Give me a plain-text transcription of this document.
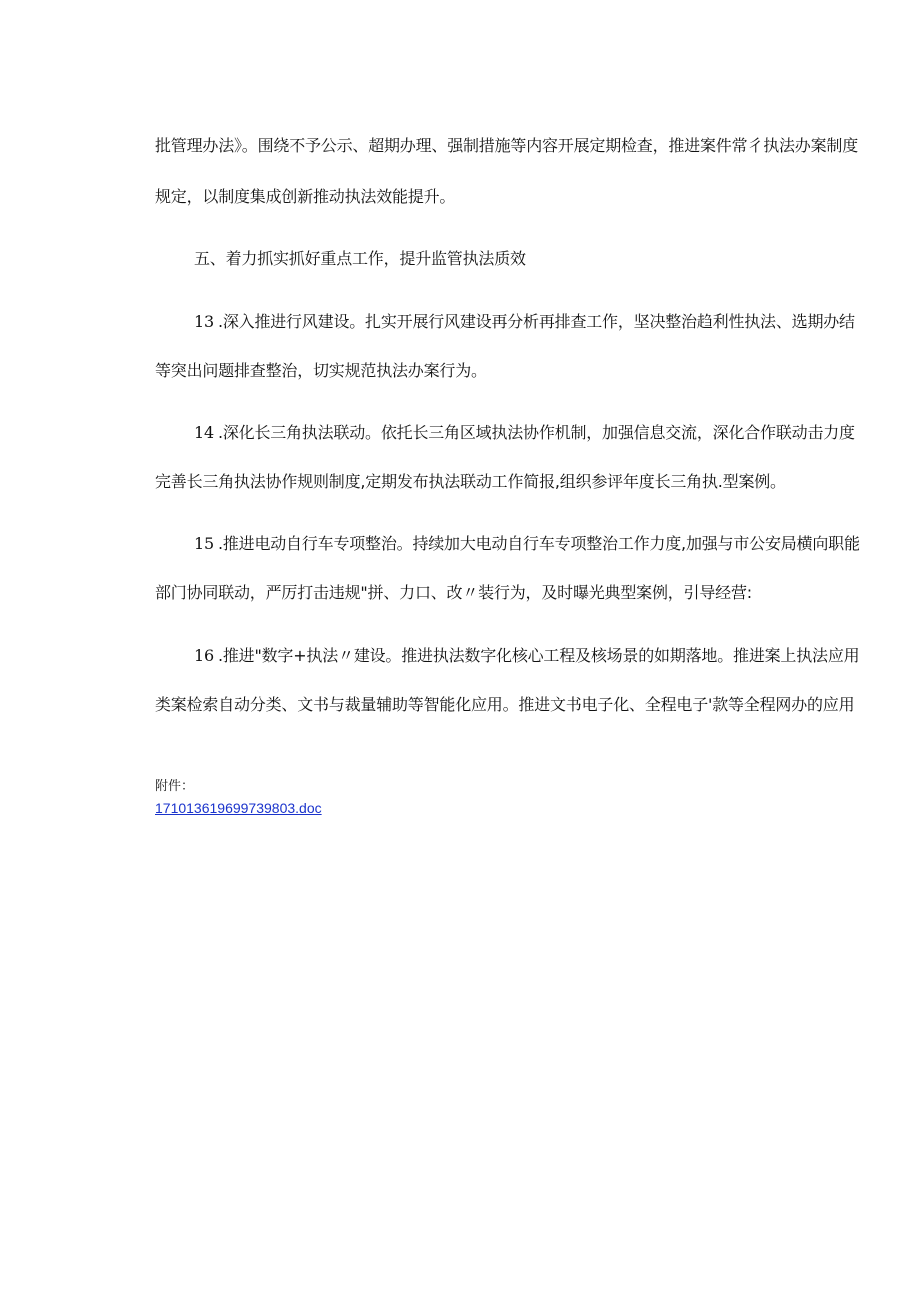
批管理办法》。围绕不予公示、超期办理、强制措施等内容开展定期检查，推进案件常彳执法办案制度
规定，以制度集成创新推动执法效能提升。
五、着力抓实抓好重点工作，提升监管执法质效
13 .深入推进行风建设。扎实开展行风建设再分析再排查工作，坚决整治趋利性执法、选期办结
等突出问题排查整治，切实规范执法办案行为。
14 .深化长三角执法联动。依托长三角区域执法协作机制，加强信息交流，深化合作联动击力度
完善长三角执法协作规则制度,定期发布执法联动工作简报,组织参评年度长三角执.型案例。
15 .推进电动自行车专项整治。持续加大电动自行车专项整治工作力度,加强与市公安局横向职能
部门协同联动，严厉打击违规"拼、力口、改〃装行为，及时曝光典型案例，引导经营:
16 .推进"数字+执法〃建设。推进执法数字化核心工程及核场景的如期落地。推进案上执法应用
类案检索自动分类、文书与裁量辅助等智能化应用。推进文书电子化、全程电子'款等全程网办的应用
附件：
171013619699739803.doc
